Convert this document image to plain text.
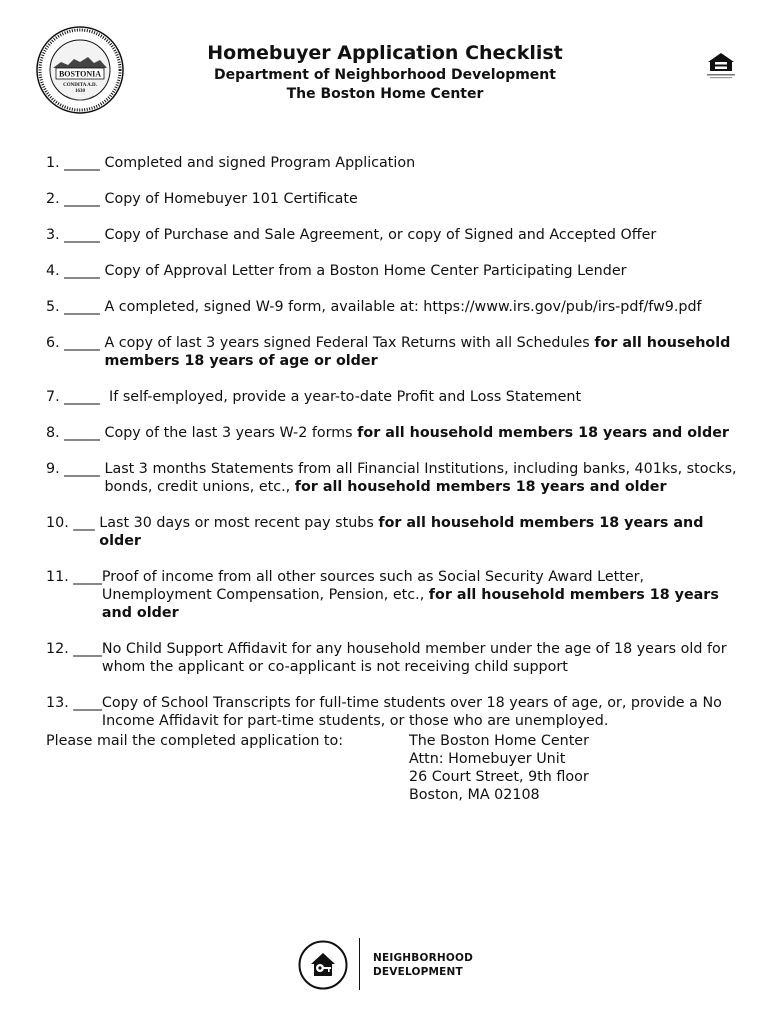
BOSTONIA
CONDITA A.D.
1630
Homebuyer Application Checklist
Department of Neighborhood Development
The Boston Home Center
1. _____ Completed and signed Program Application
2. _____ Copy of Homebuyer 101 Certificate
3. _____ Copy of Purchase and Sale Agreement, or copy of Signed and Accepted Offer
4. _____ Copy of Approval Letter from a Boston Home Center Participating Lender
5. _____ A completed, signed W-9 form, available at: https://www.irs.gov/pub/irs-pdf/fw9.pdf
6. _____ A copy of last 3 years signed Federal Tax Returns with all Schedules for all household members 18 years of age or older
7. _____ If self-employed, provide a year-to-date Profit and Loss Statement
8. _____ Copy of the last 3 years W-2 forms for all household members 18 years and older
9. _____ Last 3 months Statements from all Financial Institutions, including banks, 401ks, stocks, bonds, credit unions, etc., for all household members 18 years and older
10. ___ Last 30 days or most recent pay stubs for all household members 18 years and older
11. ____ Proof of income from all other sources such as Social Security Award Letter, Unemployment Compensation, Pension, etc., for all household members 18 years and older
12. ____ No Child Support Affidavit for any household member under the age of 18 years old for whom the applicant or co-applicant is not receiving child support
13. ____ Copy of School Transcripts for full-time students over 18 years of age, or, provide a No Income Affidavit for part-time students, or those who are unemployed.
Please mail the completed application to:	The Boston Home Center
Attn: Homebuyer Unit
26 Court Street, 9th floor
Boston, MA 02108
NEIGHBORHOOD
DEVELOPMENT
